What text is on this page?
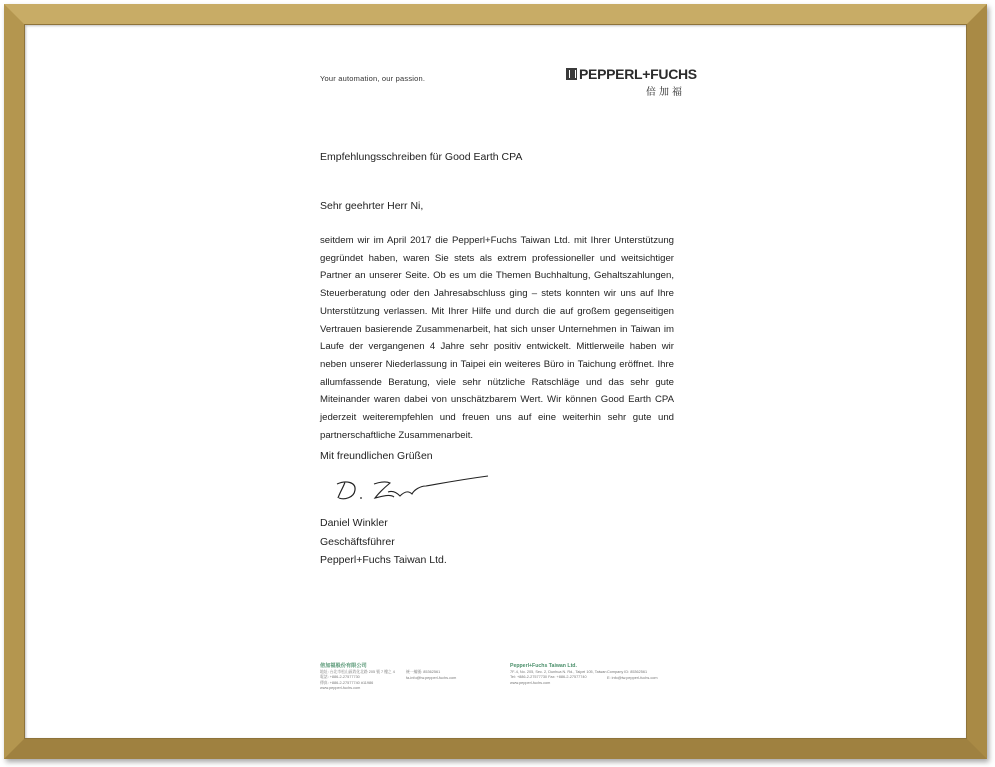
Your automation, our passion.	PEPPERL+FUCHS
倍加福
Empfehlungsschreiben für Good Earth CPA
Sehr geehrter Herr Ni,
seitdem wir im April 2017 die Pepperl+Fuchs Taiwan Ltd. mit Ihrer Unterstützung gegründet haben, waren Sie stets als extrem professioneller und weitsichtiger Partner an unserer Seite. Ob es um die Themen Buchhaltung, Gehaltszahlungen, Steuerberatung oder den Jahresabschluss ging – stets konnten wir uns auf Ihre Unterstützung verlassen. Mit Ihrer Hilfe und durch die auf großem gegenseitigen Vertrauen basierende Zusammenarbeit, hat sich unser Unternehmen in Taiwan im Laufe der vergangenen 4 Jahre sehr positiv entwickelt. Mittlerweile haben wir neben unserer Niederlassung in Taipei ein weiteres Büro in Taichung eröffnet. Ihre allumfassende Beratung, viele sehr nützliche Ratschläge und das sehr gute Miteinander waren dabei von unschätzbarem Wert. Wir können Good Earth CPA jederzeit weiterempfehlen und freuen uns auf eine weiterhin sehr gute und partnerschaftliche Zusammenarbeit.
Mit freundlichen Grüßen
Daniel Winkler
Geschäftsführer
Pepperl+Fuchs Taiwan Ltd.
倍加福股份有限公司
地址: 台北市松山區敦化北路 205 號 7 樓之 4
電話: +886-2-27577730
傳真: +886-2-27577740 #11986
www.pepperl-fuchs.com
統一編號: 85362561
fa-info@tw.pepperl-fuchs.com
Pepperl+Fuchs Taiwan Ltd.
7F-4, No. 205, Sec. 2, Dunhua N. Rd., Taipei 105, Taiwan
Tel: +886-2-27577730 Fax: +886-2-27577740
www.pepperl-fuchs.com
Company ID: 85362561
E: info@tw.pepperl-fuchs.com
